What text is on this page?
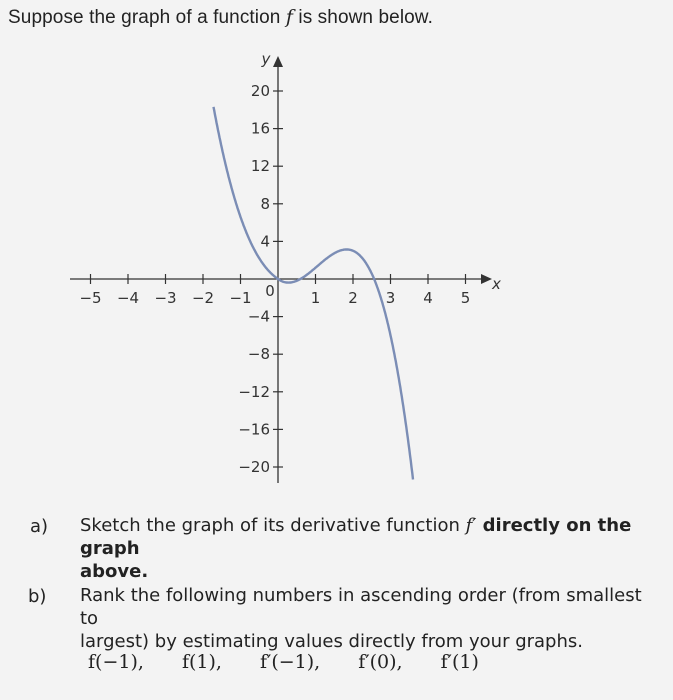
Suppose the graph of a function f is shown below.
−1	1
−2	2
−3	3
−4	4
−5	5
0	x
4
−4
8
−8
12
−12
16
−16
20
−20
y
a) Sketch the graph of its derivative function f′ directly on the graph
above.
b) Rank the following numbers in ascending order (from smallest to
largest) by estimating values directly from your graphs.
f(−1), f(1), f′(−1), f′(0), f′(1)
